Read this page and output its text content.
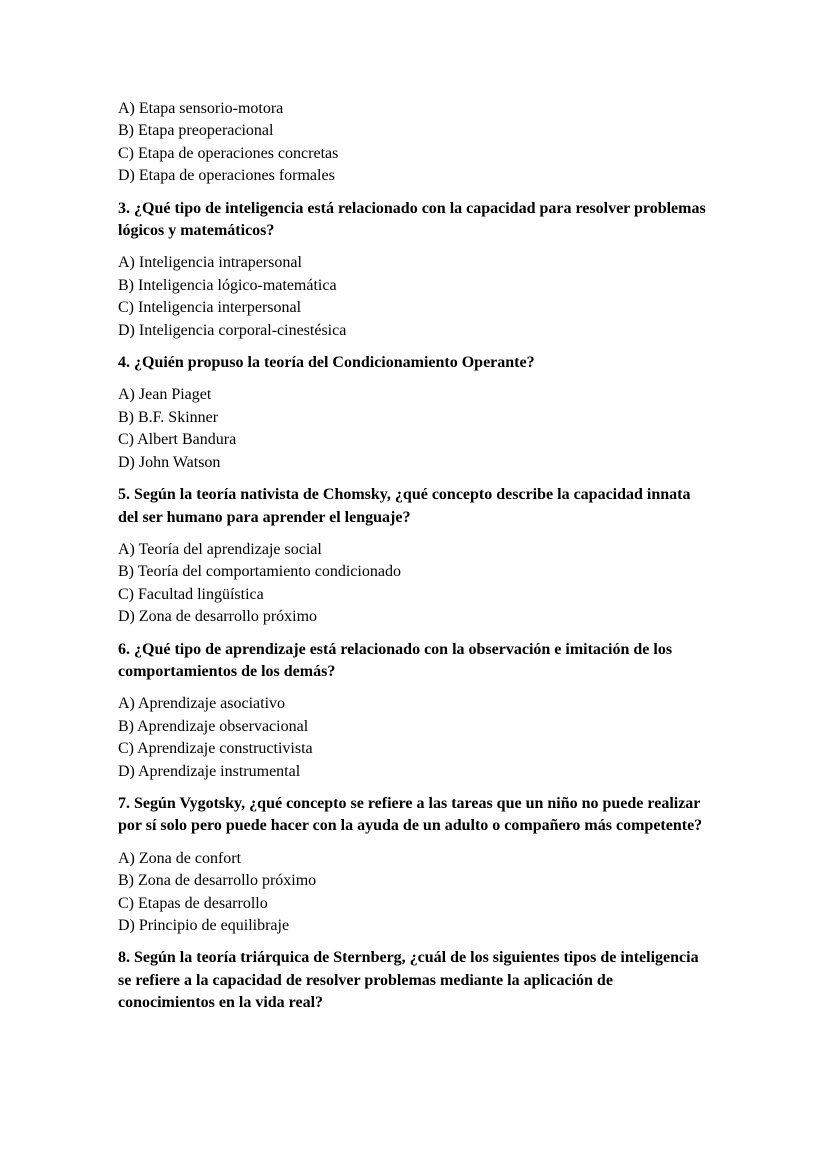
A) Etapa sensorio-motora
B) Etapa preoperacional
C) Etapa de operaciones concretas
D) Etapa de operaciones formales

3. ¿Qué tipo de inteligencia está relacionado con la capacidad para resolver problemas lógicos y matemáticos?

A) Inteligencia intrapersonal
B) Inteligencia lógico-matemática
C) Inteligencia interpersonal
D) Inteligencia corporal-cinestésica

4. ¿Quién propuso la teoría del Condicionamiento Operante?

A) Jean Piaget
B) B.F. Skinner
C) Albert Bandura
D) John Watson

5. Según la teoría nativista de Chomsky, ¿qué concepto describe la capacidad innata del ser humano para aprender el lenguaje?

A) Teoría del aprendizaje social
B) Teoría del comportamiento condicionado
C) Facultad lingüística
D) Zona de desarrollo próximo

6. ¿Qué tipo de aprendizaje está relacionado con la observación e imitación de los comportamientos de los demás?

A) Aprendizaje asociativo
B) Aprendizaje observacional
C) Aprendizaje constructivista
D) Aprendizaje instrumental

7. Según Vygotsky, ¿qué concepto se refiere a las tareas que un niño no puede realizar por sí solo pero puede hacer con la ayuda de un adulto o compañero más competente?

A) Zona de confort
B) Zona de desarrollo próximo
C) Etapas de desarrollo
D) Principio de equilibraje

8. Según la teoría triárquica de Sternberg, ¿cuál de los siguientes tipos de inteligencia se refiere a la capacidad de resolver problemas mediante la aplicación de conocimientos en la vida real?
